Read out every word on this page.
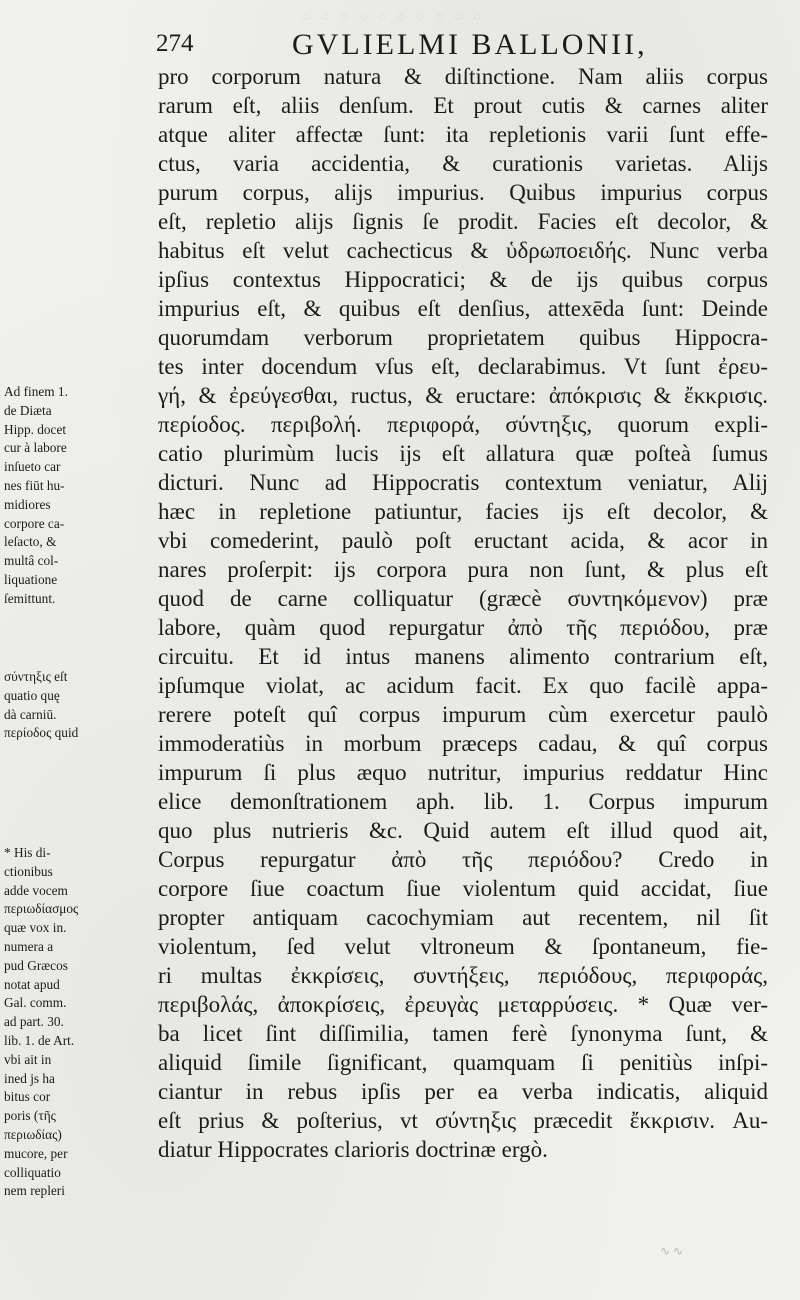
◦◦◦◦◦◦◦◦◦◦
274	GVLIELMI BALLONII,
pro corporum natura & diſtinctione. Nam aliis corpus
rarum eſt, aliis denſum. Et prout cutis & carnes aliter
atque aliter affectæ ſunt: ita repletionis varii ſunt effe-
ctus, varia accidentia, & curationis varietas. Alijs
purum corpus, alijs impurius. Quibus impurius corpus
eſt, repletio alijs ſignis ſe prodit. Facies eſt decolor, &
habitus eſt velut cachecticus & ὑδρωποειδής. Nunc verba
ipſius contextus Hippocratici; & de ijs quibus corpus
impurius eſt, & quibus eſt denſius, attexēda ſunt: Deinde
quorumdam verborum proprietatem quibus Hippocra-
tes inter docendum vſus eſt, declarabimus. Vt ſunt ἐρευ-
γή, & ἐρεύγεσθαι, ructus, & eructare: ἀπόκρισις & ἔκκρισις.
περίοδος. περιβολή. περιφορά, σύντηξις, quorum expli-
catio plurimùm lucis ijs eſt allatura quæ poſteà ſumus
dicturi. Nunc ad Hippocratis contextum veniatur, Alij
hæc in repletione patiuntur, facies ijs eſt decolor, &
vbi comederint, paulò poſt eructant acida, & acor in
nares proſerpit: ijs corpora pura non ſunt, & plus eſt
quod de carne colliquatur (græcè συντηκόμενον) præ
labore, quàm quod repurgatur ἀπὸ τῆς περιόδου, præ
circuitu. Et id intus manens alimento contrarium eſt,
ipſumque violat, ac acidum facit. Ex quo facilè appa-
rerere poteſt quî corpus impurum cùm exercetur paulò
immoderatiùs in morbum præceps cadau, & quî corpus
impurum ſi plus æquo nutritur, impurius reddatur Hinc
elice demonſtrationem aph. lib. 1. Corpus impurum
quo plus nutrieris &c. Quid autem eſt illud quod ait,
Corpus repurgatur ἀπὸ τῆς περιόδου? Credo in
corpore ſiue coactum ſiue violentum quid accidat, ſiue
propter antiquam cacochymiam aut recentem, nil ſit
violentum, ſed velut vltroneum & ſpontaneum, fie-
ri multas ἐκκρίσεις, συντήξεις, περιόδους, περιφοράς,
περιβολάς, ἀποκρίσεις, ἐρευγὰς μεταρρύσεις. * Quæ ver-
ba licet ſint diſſimilia, tamen ferè ſynonyma ſunt, &
aliquid ſimile ſignificant, quamquam ſi penitiùs inſpi-
ciantur in rebus ipſis per ea verba indicatis, aliquid
eſt prius & poſterius, vt σύντηξις præcedit ἔκκρισιν. Au-
diatur Hippocrates clarioris doctrinæ ergò.
Ad finem 1.
de Diæta
Hipp. docet
cur à labore
inſueto car
nes fiūt hu-
midiores
corpore ca-
leſacto, &
multâ col-
liquatione
ſemittunt.
σύντηξις eſt
quatio quę
dà carniū.
περίοδος quid
* His di-
ctionibus
adde vocem
περιωδίασμος
quæ vox in.
numera a
pud Græcos
notat apud
Gal. comm.
ad part. 30.
lib. 1. de Art.
vbi ait in
ined js ha
bitus cor
poris (τῆς
περιωδίας)
mucore, per
colliquatio
nem repleri
∿ ∿
